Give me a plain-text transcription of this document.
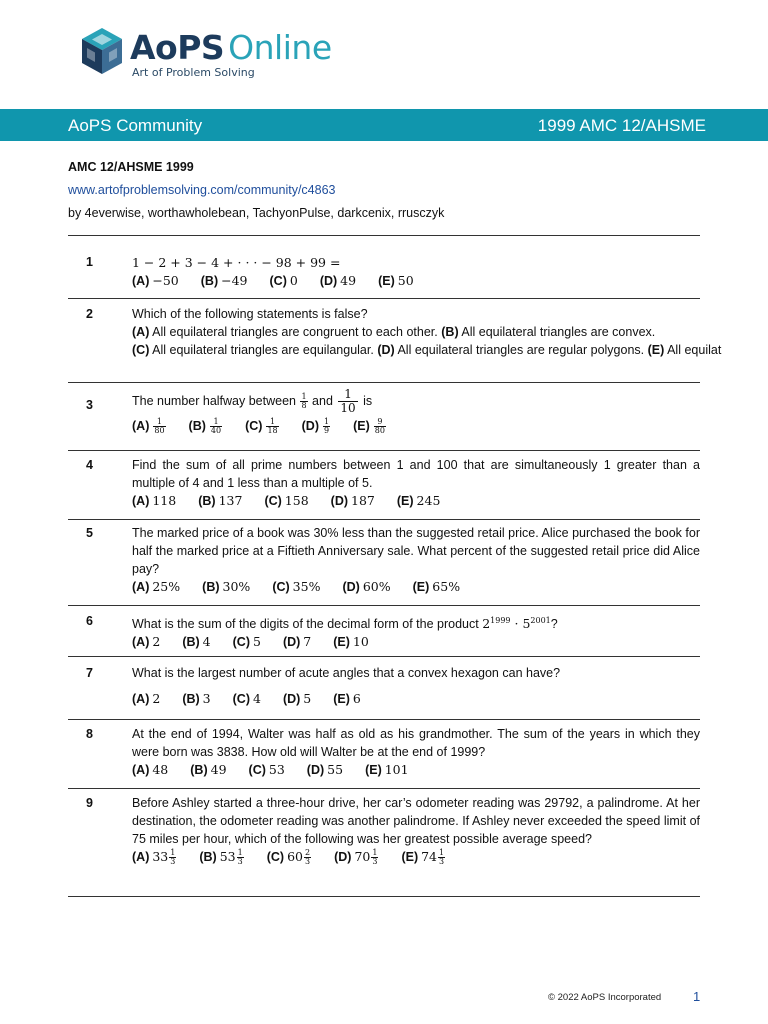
AoPS Online
Art of Problem Solving
AoPS Community	1999 AMC 12/AHSME
AMC 12/AHSME 1999
www.artofproblemsolving.com/community/c4863
by 4everwise, worthawholebean, TachyonPulse, darkcenix, rrusczyk
1	1 − 2 + 3 − 4 + · · · − 98 + 99 =
(A) −50 (B) −49 (C) 0 (D) 49 (E) 50
2	Which of the following statements is false?
(A) All equilateral triangles are congruent to each other. (B) All equilateral triangles are convex.
(C) All equilateral triangles are equilangular. (D) All equilateral triangles are regular polygons. (E) All equilat
3	The number halfway between $\frac{1}{8}$ and $\frac{1}{10}$ is
$(A) \frac{1}{80} (B) \frac{1}{40} (C) \frac{1}{18} (D) \frac{1}{9} (E) \frac{9}{80}$
4	Find the sum of all prime numbers between 1 and 100 that are simultaneously 1 greater than a multiple of 4 and 1 less than a multiple of 5.
(A) 118 (B) 137 (C) 158 (D) 187 (E) 245
5	The marked price of a book was 30% less than the suggested retail price. Alice purchased the book for half the marked price at a Fiftieth Anniversary sale. What percent of the suggested retail price did Alice pay?
(A) 25% (B) 30% (C) 35% (D) 60% (E) 65%
6	What is the sum of the digits of the decimal form of the product $2^{1999} \cdot 5^{2001}$?
(A) 2 (B) 4 (C) 5 (D) 7 (E) 10
7	What is the largest number of acute angles that a convex hexagon can have?
(A) 2 (B) 3 (C) 4 (D) 5 (E) 6
8	At the end of 1994, Walter was half as old as his grandmother. The sum of the years in which they were born was 3838. How old will Walter be at the end of 1999?
(A) 48 (B) 49 (C) 53 (D) 55 (E) 101
9	Before Ashley started a three-hour drive, her car’s odometer reading was 29792, a palindrome. At her destination, the odometer reading was another palindrome. If Ashley never exceeded the speed limit of 75 miles per hour, which of the following was her greatest possible average speed?
(A) $33 \frac{1}{3} (B)$ $53 \frac{1}{3} (C)$ $60 \frac{2}{3} (D)$ $70 \frac{1}{3} (E)$ $74 \frac{1}{3}$
© 2022 AoPS Incorporated 1
